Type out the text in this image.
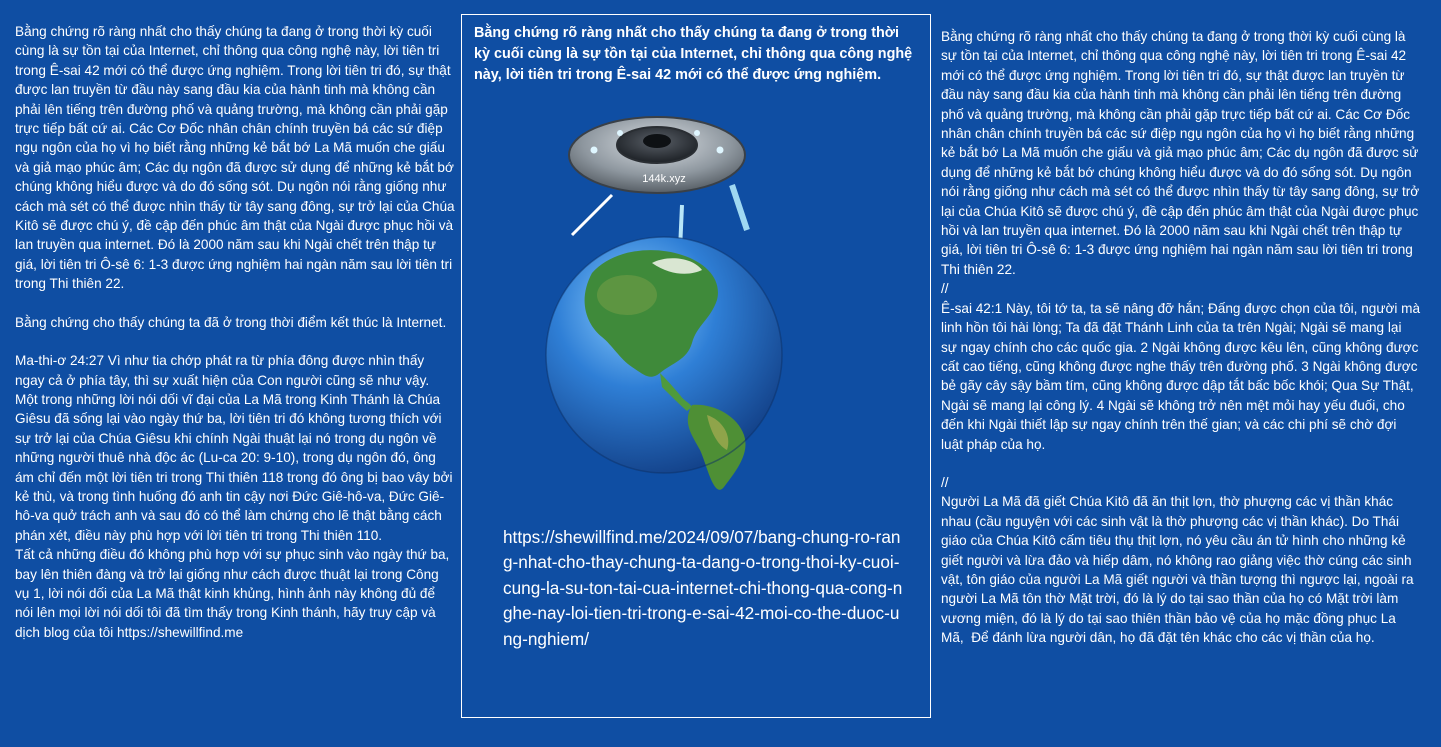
Bằng chứng rõ ràng nhất cho thấy chúng ta đang ở trong thời kỳ cuối cùng là sự tồn tại của Internet, chỉ thông qua công nghệ này, lời tiên tri trong Ê-sai 42 mới có thể được ứng nghiệm. Trong lời tiên tri đó, sự thật được lan truyền từ đầu này sang đầu kia của hành tinh mà không cần phải lên tiếng trên đường phố và quảng trường, mà không cần phải gặp trực tiếp bất cứ ai. Các Cơ Đốc nhân chân chính truyền bá các sứ điệp ngụ ngôn của họ vì họ biết rằng những kẻ bắt bớ La Mã muốn che giấu và giả mạo phúc âm; Các dụ ngôn đã được sử dụng để những kẻ bắt bớ chúng không hiểu được và do đó sống sót. Dụ ngôn nói rằng giống như cách mà sét có thể được nhìn thấy từ tây sang đông, sự trở lại của Chúa Kitô sẽ được chú ý, đề cập đến phúc âm thật của Ngài được phục hồi và lan truyền qua internet. Đó là 2000 năm sau khi Ngài chết trên thập tự giá, lời tiên tri Ô-sê 6: 1-3 được ứng nghiệm hai ngàn năm sau lời tiên tri trong Thi thiên 22.

Bằng chứng cho thấy chúng ta đã ở trong thời điểm kết thúc là Internet.

Ma-thi-ơ 24:27 Vì như tia chớp phát ra từ phía đông được nhìn thấy ngay cả ở phía tây, thì sự xuất hiện của Con người cũng sẽ như vậy. Một trong những lời nói dối vĩ đại của La Mã trong Kinh Thánh là Chúa Giêsu đã sống lại vào ngày thứ ba, lời tiên tri đó không tương thích với sự trở lại của Chúa Giêsu khi chính Ngài thuật lại nó trong dụ ngôn về những người thuê nhà độc ác (Lu-ca 20: 9-10), trong dụ ngôn đó, ông ám chỉ đến một lời tiên tri trong Thi thiên 118 trong đó ông bị bao vây bởi kẻ thù, và trong tình huống đó anh tin cậy nơi Đức Giê-hô-va, Đức Giê-hô-va quở trách anh và sau đó có thể làm chứng cho lẽ thật bằng cách phán xét, điều này phù hợp với lời tiên tri trong Thi thiên 110.

Tất cả những điều đó không phù hợp với sự phục sinh vào ngày thứ ba, bay lên thiên đàng và trở lại giống như cách được thuật lại trong Công vụ 1, lời nói dối của La Mã thật kinh khủng, hình ảnh này không đủ để nói lên mọi lời nói dối tôi đã tìm thấy trong Kinh thánh, hãy truy cập và dịch blog của tôi https://shewillfind.me

Bằng chứng rõ ràng nhất cho thấy chúng ta đang ở trong thời kỳ cuối cùng là sự tồn tại của Internet, chỉ thông qua công nghệ này, lời tiên tri trong Ê-sai 42 mới có thể được ứng nghiệm.
144k.xyz
https://shewillfind.me/2024/09/07/bang-chung-ro-rang-nhat-cho-thay-chung-ta-dang-o-trong-thoi-ky-cuoi-cung-la-su-ton-tai-cua-internet-chi-thong-qua-cong-nghe-nay-loi-tien-tri-trong-e-sai-42-moi-co-the-duoc-ung-nghiem/

Bằng chứng rõ ràng nhất cho thấy chúng ta đang ở trong thời kỳ cuối cùng là sự tồn tại của Internet, chỉ thông qua công nghệ này, lời tiên tri trong Ê-sai 42 mới có thể được ứng nghiệm. Trong lời tiên tri đó, sự thật được lan truyền từ đầu này sang đầu kia của hành tinh mà không cần phải lên tiếng trên đường phố và quảng trường, mà không cần phải gặp trực tiếp bất cứ ai. Các Cơ Đốc nhân chân chính truyền bá các sứ điệp ngụ ngôn của họ vì họ biết rằng những kẻ bắt bớ La Mã muốn che giấu và giả mạo phúc âm; Các dụ ngôn đã được sử dụng để những kẻ bắt bớ chúng không hiểu được và do đó sống sót. Dụ ngôn nói rằng giống như cách mà sét có thể được nhìn thấy từ tây sang đông, sự trở lại của Chúa Kitô sẽ được chú ý, đề cập đến phúc âm thật của Ngài được phục hồi và lan truyền qua internet. Đó là 2000 năm sau khi Ngài chết trên thập tự giá, lời tiên tri Ô-sê 6: 1-3 được ứng nghiệm hai ngàn năm sau lời tiên tri trong Thi thiên 22.

//

Ê-sai 42:1 Này, tôi tớ ta, ta sẽ nâng đỡ hắn; Đấng được chọn của tôi, người mà linh hồn tôi hài lòng; Ta đã đặt Thánh Linh của ta trên Ngài; Ngài sẽ mang lại sự ngay chính cho các quốc gia. 2 Ngài không được kêu lên, cũng không được cất cao tiếng, cũng không được nghe thấy trên đường phố. 3 Ngài không được bẻ gãy cây sậy bầm tím, cũng không được dập tắt bấc bốc khói; Qua Sự Thật, Ngài sẽ mang lại công lý. 4 Ngài sẽ không trở nên mệt mỏi hay yếu đuối, cho đến khi Ngài thiết lập sự ngay chính trên thế gian; và các chi phí sẽ chờ đợi luật pháp của họ.

//

Người La Mã đã giết Chúa Kitô đã ăn thịt lợn, thờ phượng các vị thần khác nhau (cầu nguyện với các sinh vật là thờ phượng các vị thần khác). Do Thái giáo của Chúa Kitô cấm tiêu thụ thịt lợn, nó yêu cầu án tử hình cho những kẻ giết người và lừa đảo và hiếp dâm, nó không rao giảng việc thờ cúng các sinh vật, tôn giáo của người La Mã giết người và thần tượng thì ngược lại, ngoài ra người La Mã tôn thờ Mặt trời, đó là lý do tại sao thần của họ có Mặt trời làm vương miện, đó là lý do tại sao thiên thần bảo vệ của họ mặc đồng phục La Mã,  Để đánh lừa người dân, họ đã đặt tên khác cho các vị thần của họ.
